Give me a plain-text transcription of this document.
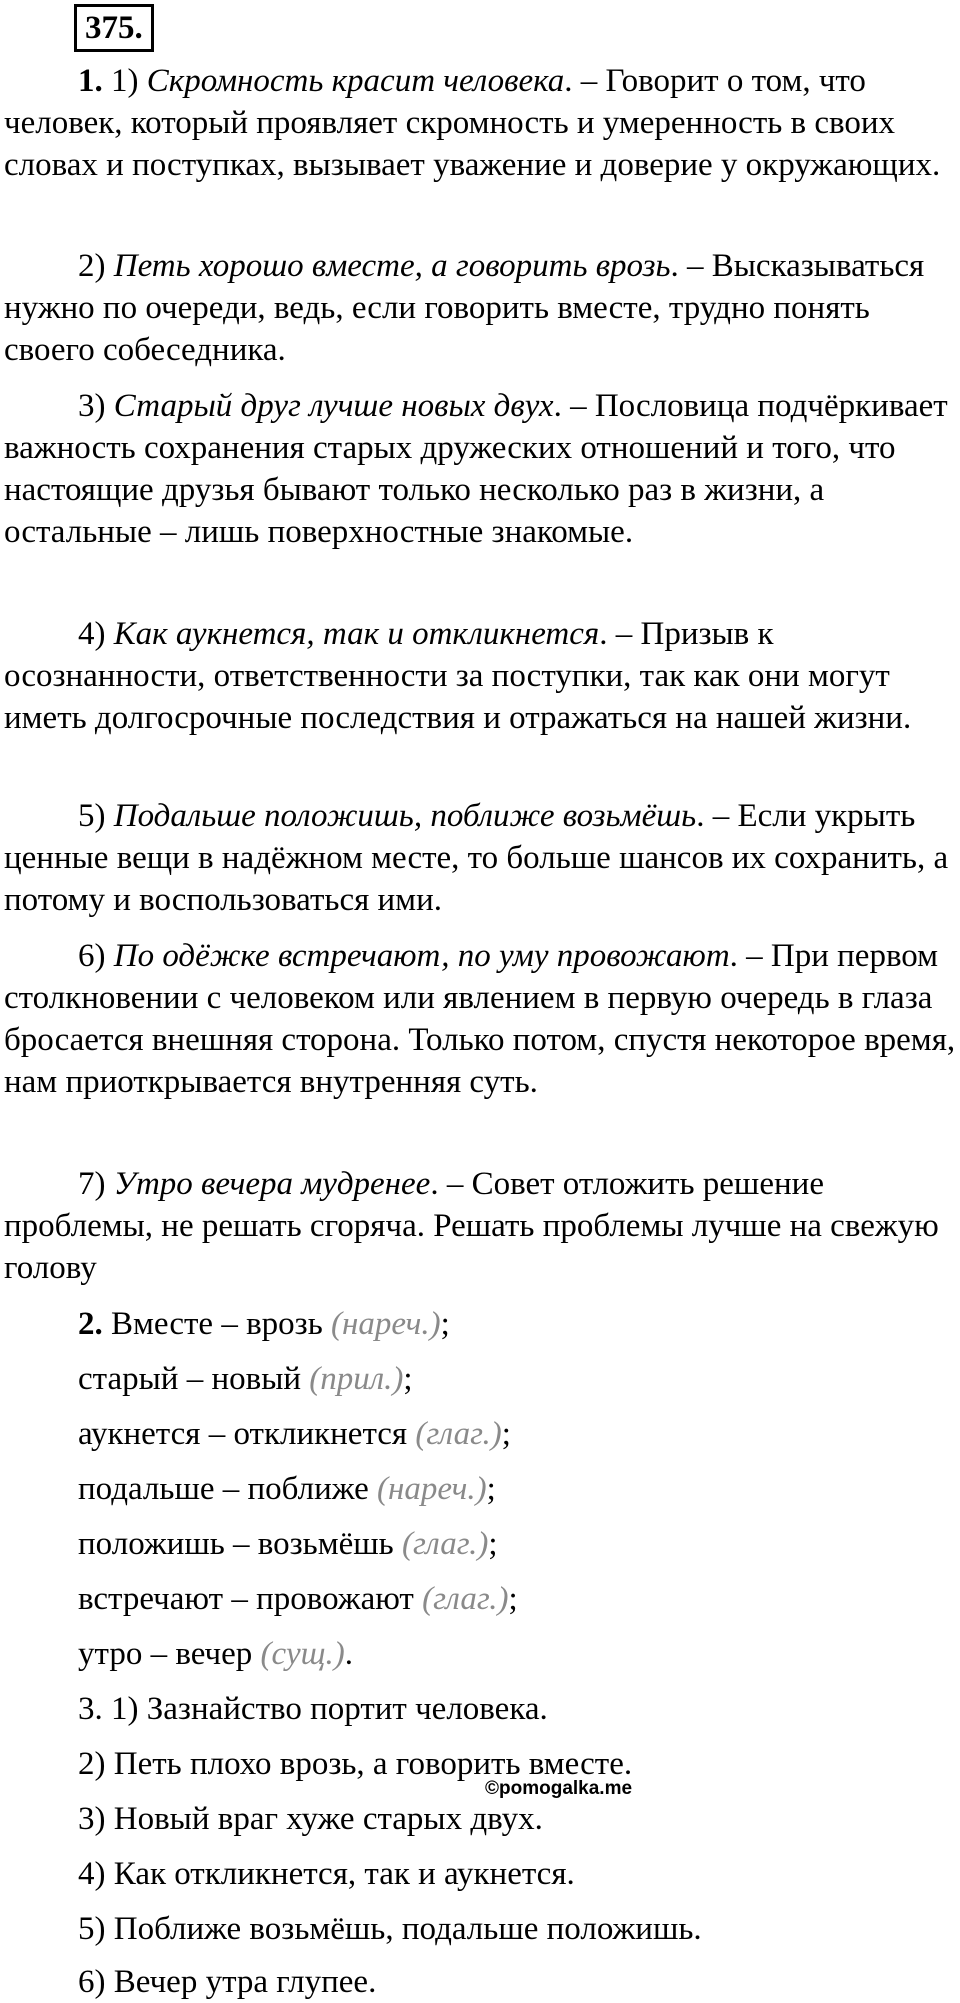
375.

1. 1) Скромность красит человека. – Говорит о том, что человек, который проявляет скромность и умеренность в своих словах и поступках, вызывает уважение и доверие у окружающих.

2) Петь хорошо вместе, а говорить врозь. – Высказываться нужно по очереди, ведь, если говорить вместе, трудно понять своего собеседника.

3) Старый друг лучше новых двух. – Пословица подчёркивает важность сохранения старых дружеских отношений и того, что настоящие друзья бывают только несколько раз в жизни, а остальные – лишь поверхностные знакомые.

4) Как аукнется, так и откликнется. – Призыв к осознанности, ответственности за поступки, так как они могут иметь долгосрочные последствия и отражаться на нашей жизни.

5) Подальше положишь, поближе возьмёшь. – Если укрыть ценные вещи в надёжном месте, то больше шансов их сохранить, а потому и воспользоваться ими.

6) По одёжке встречают, по уму провожают. – При первом столкновении с человеком или явлением в первую очередь в глаза бросается внешняя сторона. Только потом, спустя некоторое время, нам приоткрывается внутренняя суть.

7) Утро вечера мудренее. – Совет отложить решение проблемы, не решать сгоряча. Решать проблемы лучше на свежую голову

2. Вместе – врозь (нареч.);

старый – новый (прил.);

аукнется – откликнется (глаг.);

подальше – поближе (нареч.);

положишь – возьмёшь (глаг.);

встречают – провожают (глаг.);

утро – вечер (сущ.).

3. 1) Зазнайство портит человека.

2) Петь плохо врозь, а говорить вместе.

3) Новый враг хуже старых двух.

4) Как откликнется, так и аукнется.

5) Поближе возьмёшь, подальше положишь.

6) Вечер утра глупее.

©pomogalka.me
